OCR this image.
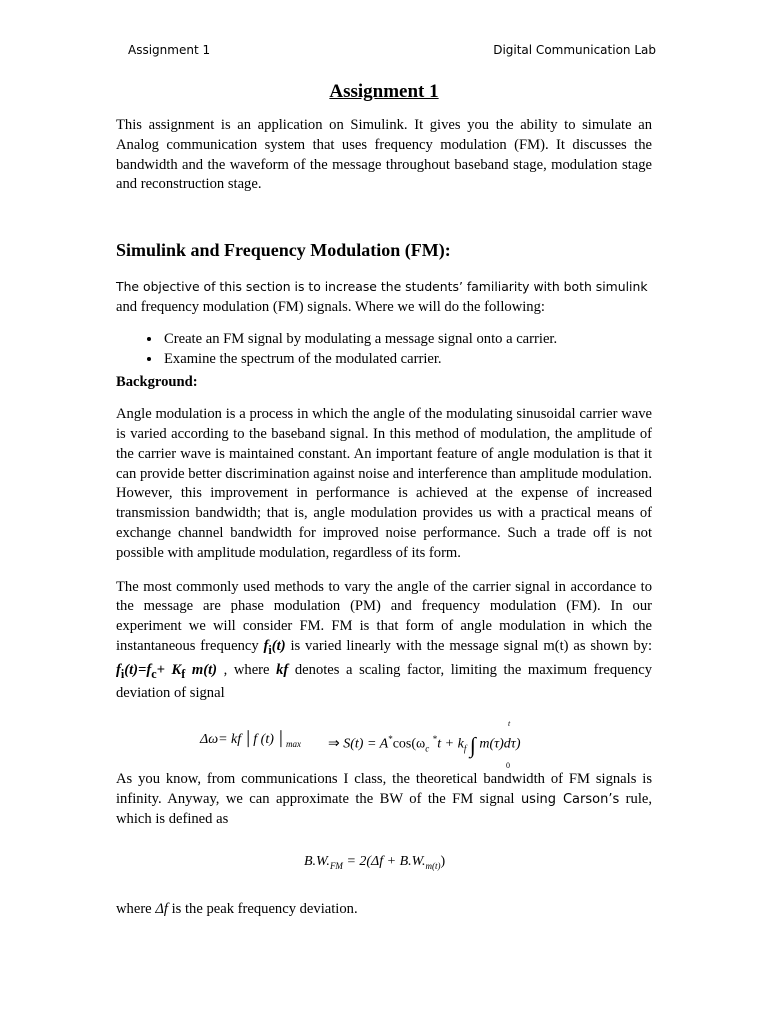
Assignment 1	Digital Communication Lab
Assignment 1

This assignment is an application on Simulink. It gives you the ability to simulate an Analog communication system that uses frequency modulation (FM). It discusses the bandwidth and the waveform of the message throughout baseband stage, modulation stage and reconstruction stage.

Simulink and Frequency Modulation (FM):

The objective of this section is to increase the students’ familiarity with both simulink
and frequency modulation (FM) signals. Where we will do the following:

• Create an FM signal by modulating a message signal onto a carrier.
• Examine the spectrum of the modulated carrier.
Background:

Angle modulation is a process in which the angle of the modulating sinusoidal carrier wave is varied according to the baseband signal. In this method of modulation, the amplitude of the carrier wave is maintained constant. An important feature of angle modulation is that it can provide better discrimination against noise and interference than amplitude modulation. However, this improvement in performance is achieved at the expense of increased transmission bandwidth; that is, angle modulation provides us with a practical means of exchange channel bandwidth for improved noise performance. Such a trade off is not possible with amplitude modulation, regardless of its form.

The most commonly used methods to vary the angle of the carrier signal in accordance to the message are phase modulation (PM) and frequency modulation (FM). In our experiment we will consider FM. FM is that form of angle modulation in which the instantaneous frequency $f_i(t)$ is varied linearly with the message signal m(t) as shown by: $f_i(t)=f_c+ K_f$ m(t) , where kf denotes a scaling factor, limiting the maximum frequency deviation of signal

Δω= kf │f (t) $│_{max}$ ⇒ $S(t) = A^*\cos(\omega_c$ $^*t + k_f$ ∫ m(τ)dτ)
t
0

As you know, from communications I class, the theoretical bandwidth of FM signals is infinity. Anyway, we can approximate the BW of the FM signal using Carson’s rule, which is defined as

$B.W._{FM} = 2(\Delta f + B.W._{m(t)})$

where Δf is the peak frequency deviation.
